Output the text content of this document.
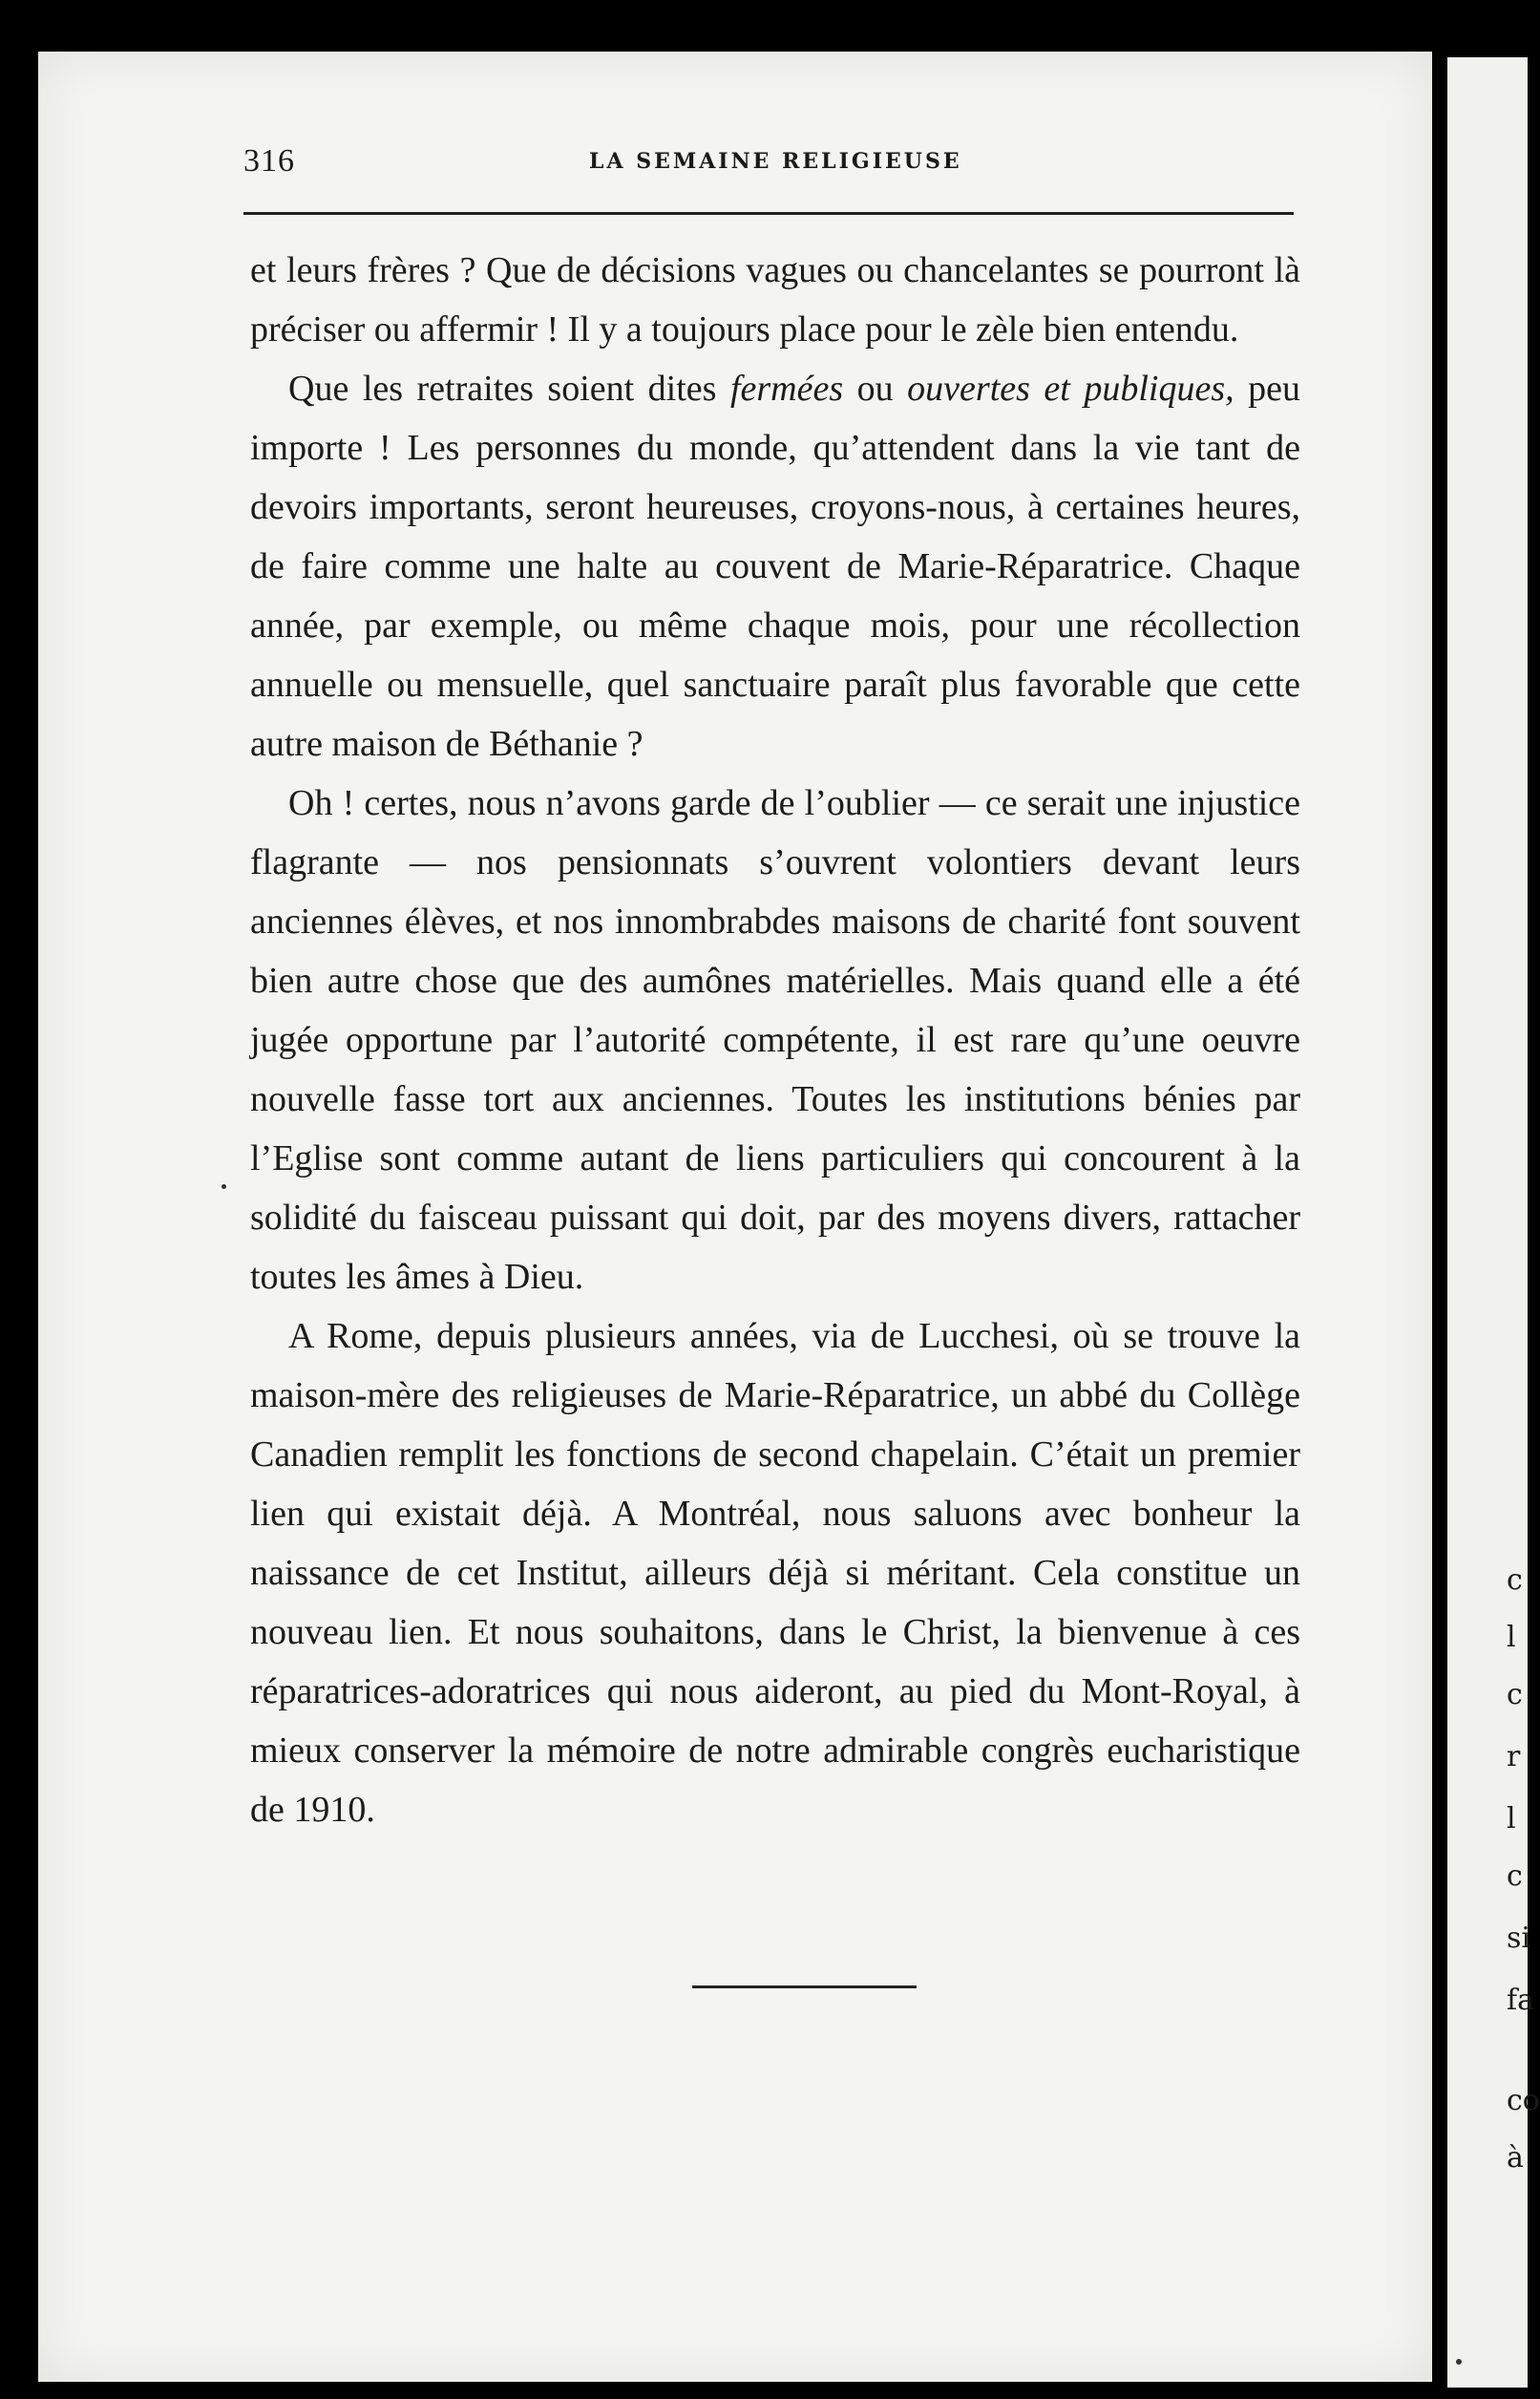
c
l
c
r
l
c
si
fa
co
à
316	LA SEMAINE RELIGIEUSE

et leurs frères ? Que de décisions vagues ou chancelantes se pourront là préciser ou affermir ! Il y a toujours place pour le zèle bien entendu.

Que les retraites soient dites fermées ou ouvertes et publiques, peu importe ! Les personnes du monde, qu’attendent dans la vie tant de devoirs importants, seront heureuses, croyons-nous, à certaines heures, de faire comme une halte au couvent de Marie-Réparatrice. Chaque année, par exemple, ou même chaque mois, pour une récollection annuelle ou mensuelle, quel sanctuaire paraît plus favorable que cette autre maison de Béthanie ?

Oh ! certes, nous n’avons garde de l’oublier — ce serait une injustice flagrante — nos pensionnats s’ouvrent volontiers devant leurs anciennes élèves, et nos innombrabdes maisons de charité font souvent bien autre chose que des aumônes matérielles. Mais quand elle a été jugée opportune par l’autorité compétente, il est rare qu’une oeuvre nouvelle fasse tort aux anciennes. Toutes les institutions bénies par l’Eglise sont comme autant de liens particuliers qui concourent à la solidité du faisceau puissant qui doit, par des moyens divers, rattacher toutes les âmes à Dieu.

A Rome, depuis plusieurs années, via de Lucchesi, où se trouve la maison-mère des religieuses de Marie-Réparatrice, un abbé du Collège Canadien remplit les fonctions de second chapelain. C’était un premier lien qui existait déjà. A Montréal, nous saluons avec bonheur la naissance de cet Institut, ailleurs déjà si méritant. Cela constitue un nouveau lien. Et nous souhaitons, dans le Christ, la bienvenue à ces réparatrices-adoratrices qui nous aideront, au pied du Mont-Royal, à mieux conserver la mémoire de notre admirable congrès eucharistique de 1910.
